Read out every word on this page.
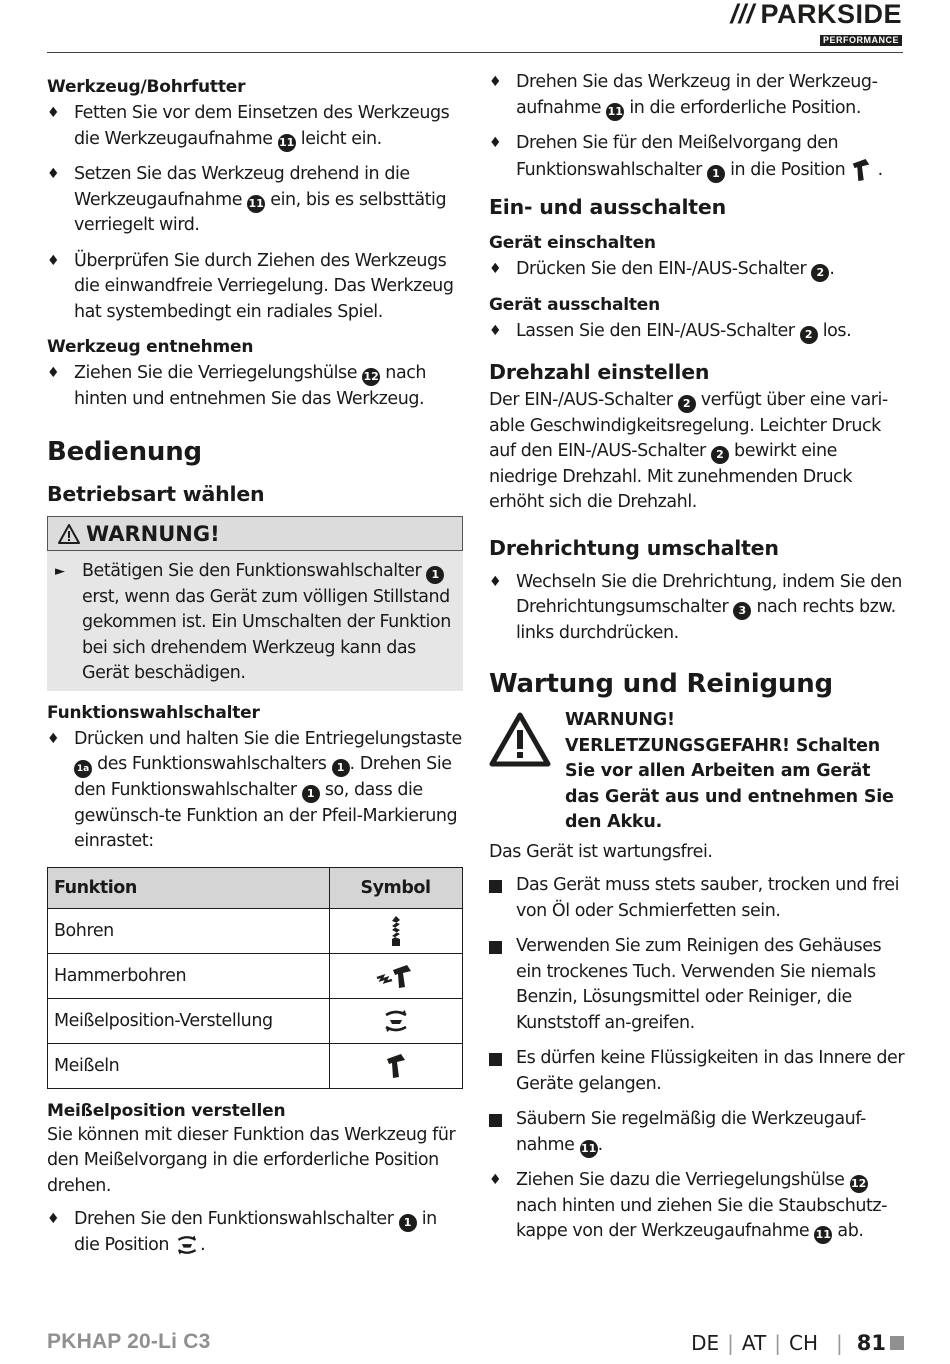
/// PARKSIDE
PERFORMANCE
Werkzeug/Bohrfutter
♦ Fetten Sie vor dem Einsetzen des Werkzeugs die Werkzeugaufnahme 11 leicht ein.

♦ Setzen Sie das Werkzeug drehend in die Werkzeugaufnahme 11 ein, bis es selbsttätig verriegelt wird.

♦ Überprüfen Sie durch Ziehen des Werkzeugs die einwandfreie Verriegelung. Das Werkzeug hat systembedingt ein radiales Spiel.

Werkzeug entnehmen
♦ Ziehen Sie die Verriegelungshülse 12 nach hinten und entnehmen Sie das Werkzeug.

Bedienung
Betriebsart wählen
WARNUNG!
► Betätigen Sie den Funktionswahlschalter 1 erst, wenn das Gerät zum völligen Stillstand gekommen ist. Ein Umschalten der Funktion bei sich drehendem Werkzeug kann das Gerät beschädigen.

Funktionswahlschalter
♦ Drücken und halten Sie die Entriegelungstaste 1a des Funktionswahlschalters 1 . Drehen Sie den Funktionswahlschalter 1 so, dass die gewünsch-te Funktion an der Pfeil-Markierung einrastet:

Funktion	Symbol
Bohren	
Hammerbohren	
Meißelposition-Verstellung	
Meißeln	
Meißelposition verstellen

Sie können mit dieser Funktion das Werkzeug für den Meißelvorgang in die erforderliche Position drehen.

♦ Drehen Sie den Funktionswahlschalter 1 in die Position .

♦ Drehen Sie das Werkzeug in der Werkzeug-aufnahme 11 in die erforderliche Position.

♦ Drehen Sie für den Meißelvorgang den Funktionswahlschalter 1 in die Position .

Ein- und ausschalten
Gerät einschalten
♦ Drücken Sie den EIN-/AUS-Schalter 2 .

Gerät ausschalten
♦ Lassen Sie den EIN-/AUS-Schalter 2 los.

Drehzahl einstellen

Der EIN-/AUS-Schalter 2 verfügt über eine vari-able Geschwindigkeitsregelung. Leichter Druck auf den EIN-/AUS-Schalter 2 bewirkt eine niedrige Drehzahl. Mit zunehmenden Druck erhöht sich die Drehzahl.

Drehrichtung umschalten
♦ Wechseln Sie die Drehrichtung, indem Sie den Drehrichtungsumschalter 3 nach rechts bzw. links durchdrücken.

Wartung und Reinigung
WARNUNG! VERLETZUNGSGEFAHR! Schalten Sie vor allen Arbeiten am Gerät das Gerät aus und entnehmen Sie den Akku.

Das Gerät ist wartungsfrei.

Das Gerät muss stets sauber, trocken und frei von Öl oder Schmierfetten sein.

Verwenden Sie zum Reinigen des Gehäuses ein trockenes Tuch. Verwenden Sie niemals Benzin, Lösungsmittel oder Reiniger, die Kunststoff an-greifen.

Es dürfen keine Flüssigkeiten in das Innere der Geräte gelangen.

Säubern Sie regelmäßig die Werkzeugauf-nahme 11.

♦ Ziehen Sie dazu die Verriegelungshülse 12 nach hinten und ziehen Sie die Staubschutz-kappe von der Werkzeugaufnahme 11 ab.

PKHAP 20-Li C3	DE | AT | CH | 81
